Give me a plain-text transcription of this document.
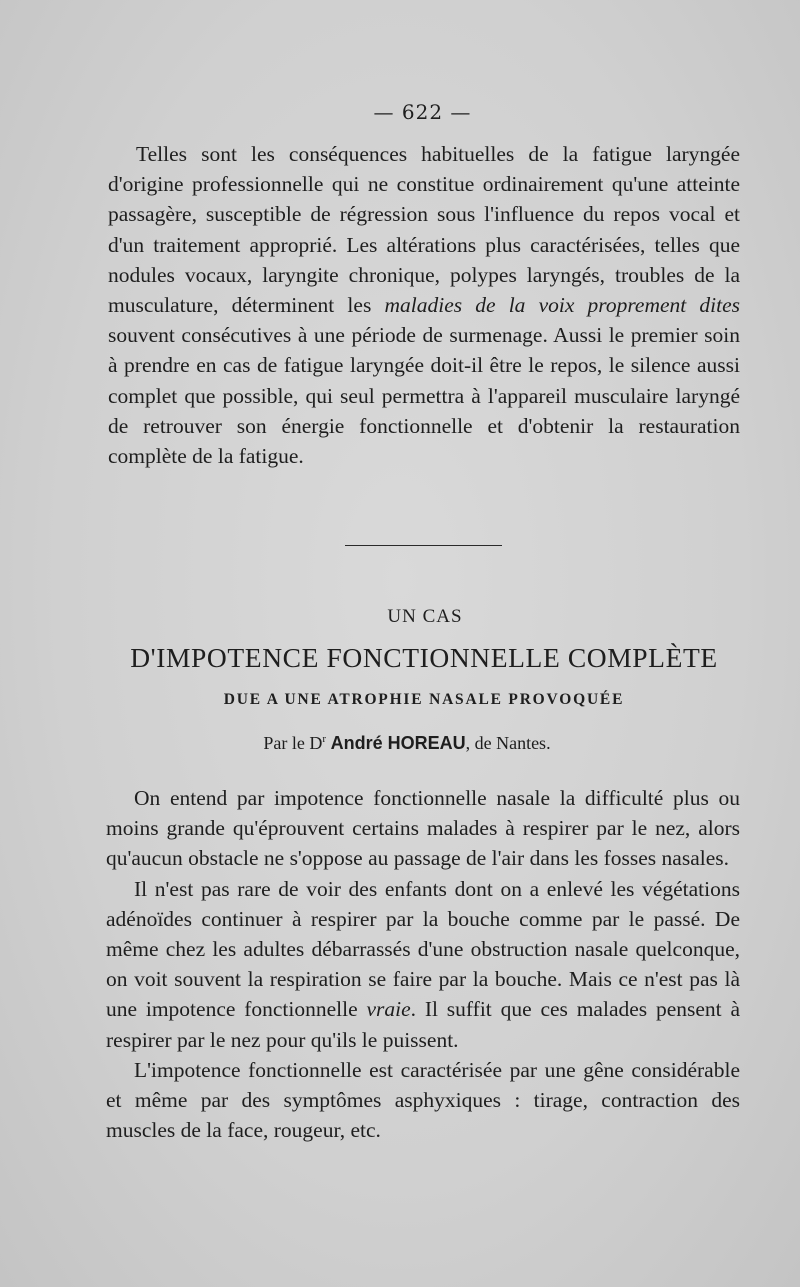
— 622 —

Telles sont les conséquences habituelles de la fatigue laryngée d'origine professionnelle qui ne constitue ordinairement qu'une atteinte passagère, susceptible de régression sous l'influence du repos vocal et d'un traitement approprié. Les altérations plus caractérisées, telles que nodules vocaux, laryngite chronique, polypes laryngés, troubles de la musculature, déterminent les maladies de la voix proprement dites souvent consécutives à une période de surmenage. Aussi le premier soin à prendre en cas de fatigue laryngée doit-il être le repos, le silence aussi complet que possible, qui seul permettra à l'appareil musculaire laryngé de retrouver son énergie fonctionnelle et d'obtenir la restauration complète de la fatigue.

UN CAS
D'IMPOTENCE FONCTIONNELLE COMPLÈTE
DUE A UNE ATROPHIE NASALE PROVOQUÉE
Par le $D^r$ André HOREAU, de Nantes.

On entend par impotence fonctionnelle nasale la difficulté plus ou moins grande qu'éprouvent certains malades à respirer par le nez, alors qu'aucun obstacle ne s'oppose au passage de l'air dans les fosses nasales.

Il n'est pas rare de voir des enfants dont on a enlevé les végétations adénoïdes continuer à respirer par la bouche comme par le passé. De même chez les adultes débarrassés d'une obstruction nasale quelconque, on voit souvent la respiration se faire par la bouche. Mais ce n'est pas là une impotence fonctionnelle vraie. Il suffit que ces malades pensent à respirer par le nez pour qu'ils le puissent.

L'impotence fonctionnelle est caractérisée par une gêne considérable et même par des symptômes asphyxiques : tirage, contraction des muscles de la face, rougeur, etc.
